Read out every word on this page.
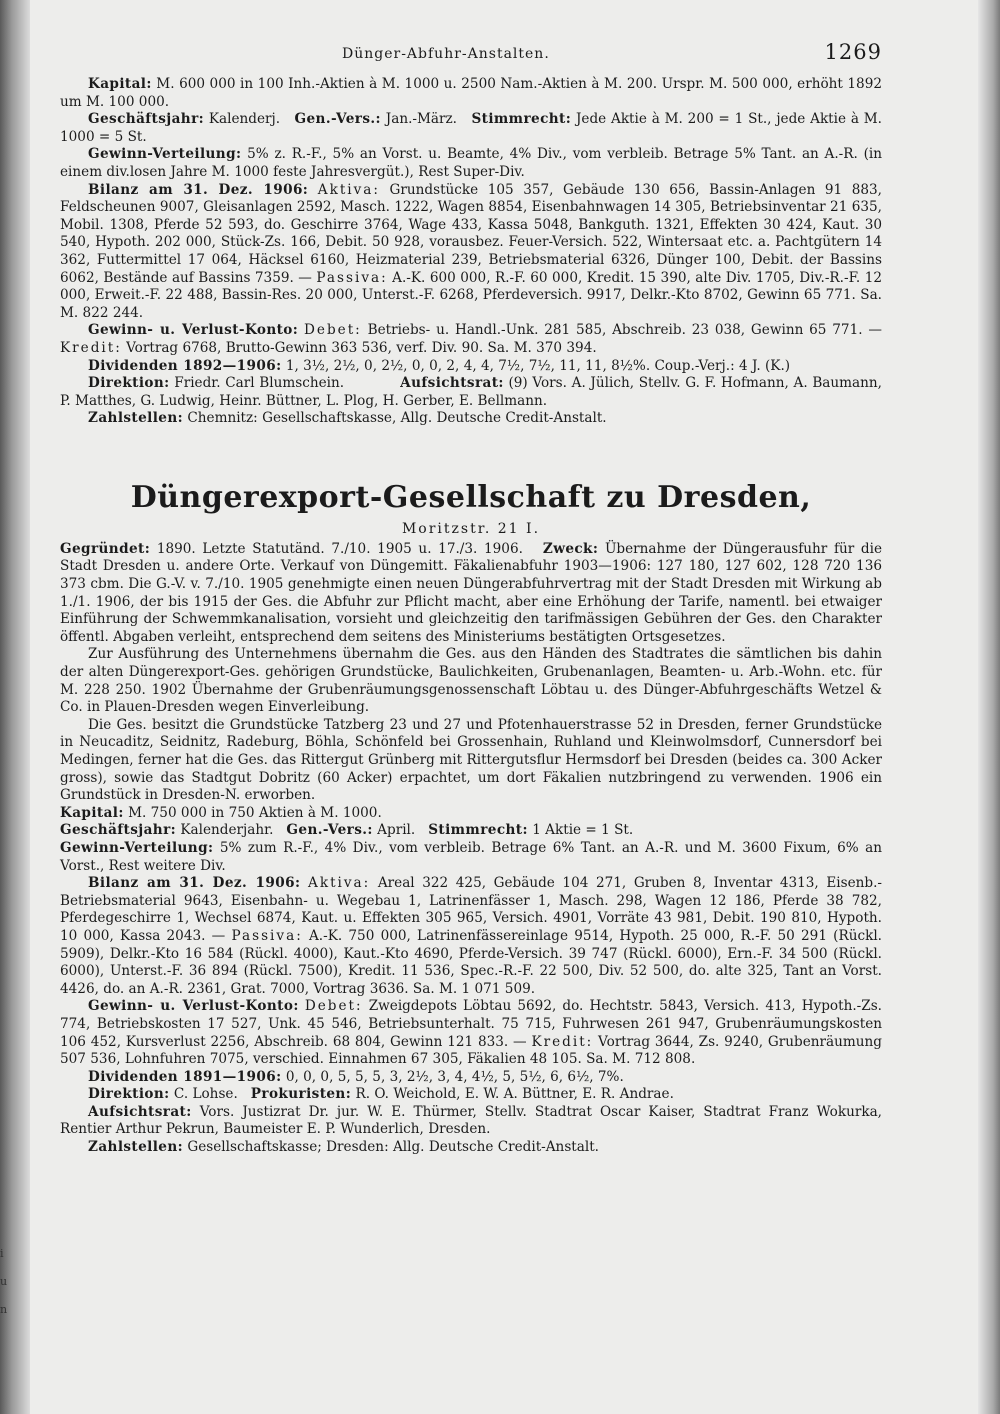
i
u
n
Dünger-Abfuhr-Anstalten.	1269

Kapital: M. 600 000 in 100 Inh.-Aktien à M. 1000 u. 2500 Nam.-Aktien à M. 200. Urspr. M. 500 000, erhöht 1892 um M. 100 000.

Geschäftsjahr: Kalenderj. Gen.-Vers.: Jan.-März. Stimmrecht: Jede Aktie à M. 200 = 1 St., jede Aktie à M. 1000 = 5 St.

Gewinn-Verteilung: 5% z. R.-F., 5% an Vorst. u. Beamte, 4% Div., vom verbleib. Betrage 5% Tant. an A.-R. (in einem div.losen Jahre M. 1000 feste Jahresvergüt.), Rest Super-Div.

Bilanz am 31. Dez. 1906: Aktiva: Grundstücke 105 357, Gebäude 130 656, Bassin-Anlagen 91 883, Feldscheunen 9007, Gleisanlagen 2592, Masch. 1222, Wagen 8854, Eisenbahnwagen 14 305, Betriebsinventar 21 635, Mobil. 1308, Pferde 52 593, do. Geschirre 3764, Wage 433, Kassa 5048, Bankguth. 1321, Effekten 30 424, Kaut. 30 540, Hypoth. 202 000, Stück-Zs. 166, Debit. 50 928, vorausbez. Feuer-Versich. 522, Wintersaat etc. a. Pachtgütern 14 362, Futtermittel 17 064, Häcksel 6160, Heizmaterial 239, Betriebsmaterial 6326, Dünger 100, Debit. der Bassins 6062, Bestände auf Bassins 7359. — Passiva: A.-K. 600 000, R.-F. 60 000, Kredit. 15 390, alte Div. 1705, Div.-R.-F. 12 000, Erweit.-F. 22 488, Bassin-Res. 20 000, Unterst.-F. 6268, Pferdeversich. 9917, Delkr.-Kto 8702, Gewinn 65 771. Sa. M. 822 244.

Gewinn- u. Verlust-Konto: Debet: Betriebs- u. Handl.-Unk. 281 585, Abschreib. 23 038, Gewinn 65 771. — Kredit: Vortrag 6768, Brutto-Gewinn 363 536, verf. Div. 90. Sa. M. 370 394.

Dividenden 1892—1906: 1, 3½, 2½, 0, 2½, 0, 0, 2, 4, 4, 7½, 7½, 11, 11, 8½%. Coup.-Verj.: 4 J. (K.)

Direktion: Friedr. Carl Blumschein.	Aufsichtsrat: (9) Vors. A. Jülich, Stellv. G. F. Hofmann, A. Baumann, P. Matthes, G. Ludwig, Heinr. Büttner, L. Plog, H. Gerber, E. Bellmann.

Zahlstellen: Chemnitz: Gesellschaftskasse, Allg. Deutsche Credit-Anstalt.

Düngerexport-Gesellschaft zu Dresden,
Moritzstr. 21 I.

Gegründet: 1890. Letzte Statutänd. 7./10. 1905 u. 17./3. 1906. Zweck: Übernahme der Düngerausfuhr für die Stadt Dresden u. andere Orte. Verkauf von Düngemitt. Fäkalienabfuhr 1903—1906: 127 180, 127 602, 128 720 136 373 cbm. Die G.-V. v. 7./10. 1905 genehmigte einen neuen Düngerabfuhrvertrag mit der Stadt Dresden mit Wirkung ab 1./1. 1906, der bis 1915 der Ges. die Abfuhr zur Pflicht macht, aber eine Erhöhung der Tarife, namentl. bei etwaiger Einführung der Schwemmkanalisation, vorsieht und gleichzeitig den tarifmässigen Gebühren der Ges. den Charakter öffentl. Abgaben verleiht, entsprechend dem seitens des Ministeriums bestätigten Ortsgesetzes.

Zur Ausführung des Unternehmens übernahm die Ges. aus den Händen des Stadtrates die sämtlichen bis dahin der alten Düngerexport-Ges. gehörigen Grundstücke, Baulichkeiten, Grubenanlagen, Beamten- u. Arb.-Wohn. etc. für M. 228 250. 1902 Übernahme der Grubenräumungsgenossenschaft Löbtau u. des Dünger-Abfuhrgeschäfts Wetzel & Co. in Plauen-Dresden wegen Einverleibung.

Die Ges. besitzt die Grundstücke Tatzberg 23 und 27 und Pfotenhauerstrasse 52 in Dresden, ferner Grundstücke in Neucaditz, Seidnitz, Radeburg, Böhla, Schönfeld bei Grossenhain, Ruhland und Kleinwolmsdorf, Cunnersdorf bei Medingen, ferner hat die Ges. das Rittergut Grünberg mit Rittergutsflur Hermsdorf bei Dresden (beides ca. 300 Acker gross), sowie das Stadtgut Dobritz (60 Acker) erpachtet, um dort Fäkalien nutzbringend zu verwenden. 1906 ein Grundstück in Dresden-N. erworben.

Kapital: M. 750 000 in 750 Aktien à M. 1000.

Geschäftsjahr: Kalenderjahr. Gen.-Vers.: April. Stimmrecht: 1 Aktie = 1 St.

Gewinn-Verteilung: 5% zum R.-F., 4% Div., vom verbleib. Betrage 6% Tant. an A.-R. und M. 3600 Fixum, 6% an Vorst., Rest weitere Div.

Bilanz am 31. Dez. 1906: Aktiva: Areal 322 425, Gebäude 104 271, Gruben 8, Inventar 4313, Eisenb.-Betriebsmaterial 9643, Eisenbahn- u. Wegebau 1, Latrinenfässer 1, Masch. 298, Wagen 12 186, Pferde 38 782, Pferdegeschirre 1, Wechsel 6874, Kaut. u. Effekten 305 965, Versich. 4901, Vorräte 43 981, Debit. 190 810, Hypoth. 10 000, Kassa 2043. — Passiva: A.-K. 750 000, Latrinenfässereinlage 9514, Hypoth. 25 000, R.-F. 50 291 (Rückl. 5909), Delkr.-Kto 16 584 (Rückl. 4000), Kaut.-Kto 4690, Pferde-Versich. 39 747 (Rückl. 6000), Ern.-F. 34 500 (Rückl. 6000), Unterst.-F. 36 894 (Rückl. 7500), Kredit. 11 536, Spec.-R.-F. 22 500, Div. 52 500, do. alte 325, Tant an Vorst. 4426, do. an A.-R. 2361, Grat. 7000, Vortrag 3636. Sa. M. 1 071 509.

Gewinn- u. Verlust-Konto: Debet: Zweigdepots Löbtau 5692, do. Hechtstr. 5843, Versich. 413, Hypoth.-Zs. 774, Betriebskosten 17 527, Unk. 45 546, Betriebsunterhalt. 75 715, Fuhrwesen 261 947, Grubenräumungskosten 106 452, Kursverlust 2256, Abschreib. 68 804, Gewinn 121 833. — Kredit: Vortrag 3644, Zs. 9240, Grubenräumung 507 536, Lohnfuhren 7075, verschied. Einnahmen 67 305, Fäkalien 48 105. Sa. M. 712 808.

Dividenden 1891—1906: 0, 0, 0, 5, 5, 5, 3, 2½, 3, 4, 4½, 5, 5½, 6, 6½, 7%.

Direktion: C. Lohse. Prokuristen: R. O. Weichold, E. W. A. Büttner, E. R. Andrae.

Aufsichtsrat: Vors. Justizrat Dr. jur. W. E. Thürmer, Stellv. Stadtrat Oscar Kaiser, Stadtrat Franz Wokurka, Rentier Arthur Pekrun, Baumeister E. P. Wunderlich, Dresden.

Zahlstellen: Gesellschaftskasse; Dresden: Allg. Deutsche Credit-Anstalt.
